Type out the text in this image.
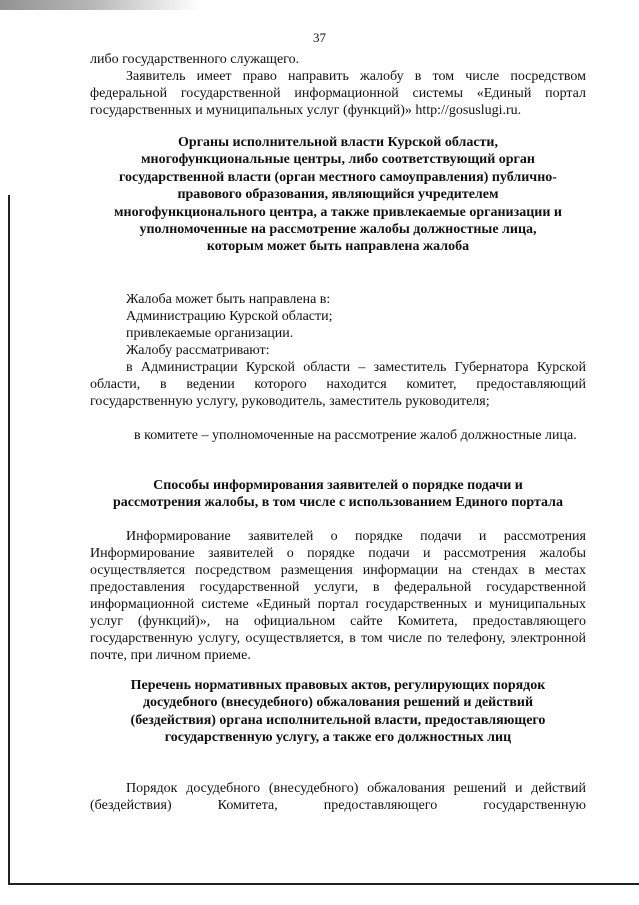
37

либо государственного служащего.

Заявитель имеет право направить жалобу в том числе посредством федеральной государственной информационной системы «Единый портал государственных и муниципальных услуг (функций)» http://gosuslugi.ru.

Органы исполнительной власти Курской области,
многофункциональные центры, либо соответствующий орган
государственной власти (орган местного самоуправления) публично-
правового образования, являющийся учредителем
многофункционального центра, а также привлекаемые организации и
уполномоченные на рассмотрение жалобы должностные лица,
которым может быть направлена жалоба

Жалоба может быть направлена в:

Администрацию Курской области;

привлекаемые организации.

Жалобу рассматривают:

в Администрации Курской области – заместитель Губернатора Курской области, в ведении которого находится комитет, предоставляющий государственную услугу, руководитель, заместитель руководителя;

в комитете – уполномоченные на рассмотрение жалоб должностные лица.

Способы информирования заявителей о порядке подачи и
рассмотрения жалобы, в том числе с использованием Единого портала

Информирование заявителей о порядке подачи и рассмотрения

Информирование заявителей о порядке подачи и рассмотрения жалобы осуществляется посредством размещения информации на стендах в местах предоставления государственной услуги, в федеральной государственной информационной системе «Единый портал государственных и муниципальных услуг (функций)», на официальном сайте Комитета, предоставляющего государственную услугу, осуществляется, в том числе по телефону, электронной почте, при личном приеме.

Перечень нормативных правовых актов, регулирующих порядок
досудебного (внесудебного) обжалования решений и действий
(бездействия) органа исполнительной власти, предоставляющего
государственную услугу, а также его должностных лиц

Порядок досудебного (внесудебного) обжалования решений и действий (бездействия) Комитета, предоставляющего государственную
